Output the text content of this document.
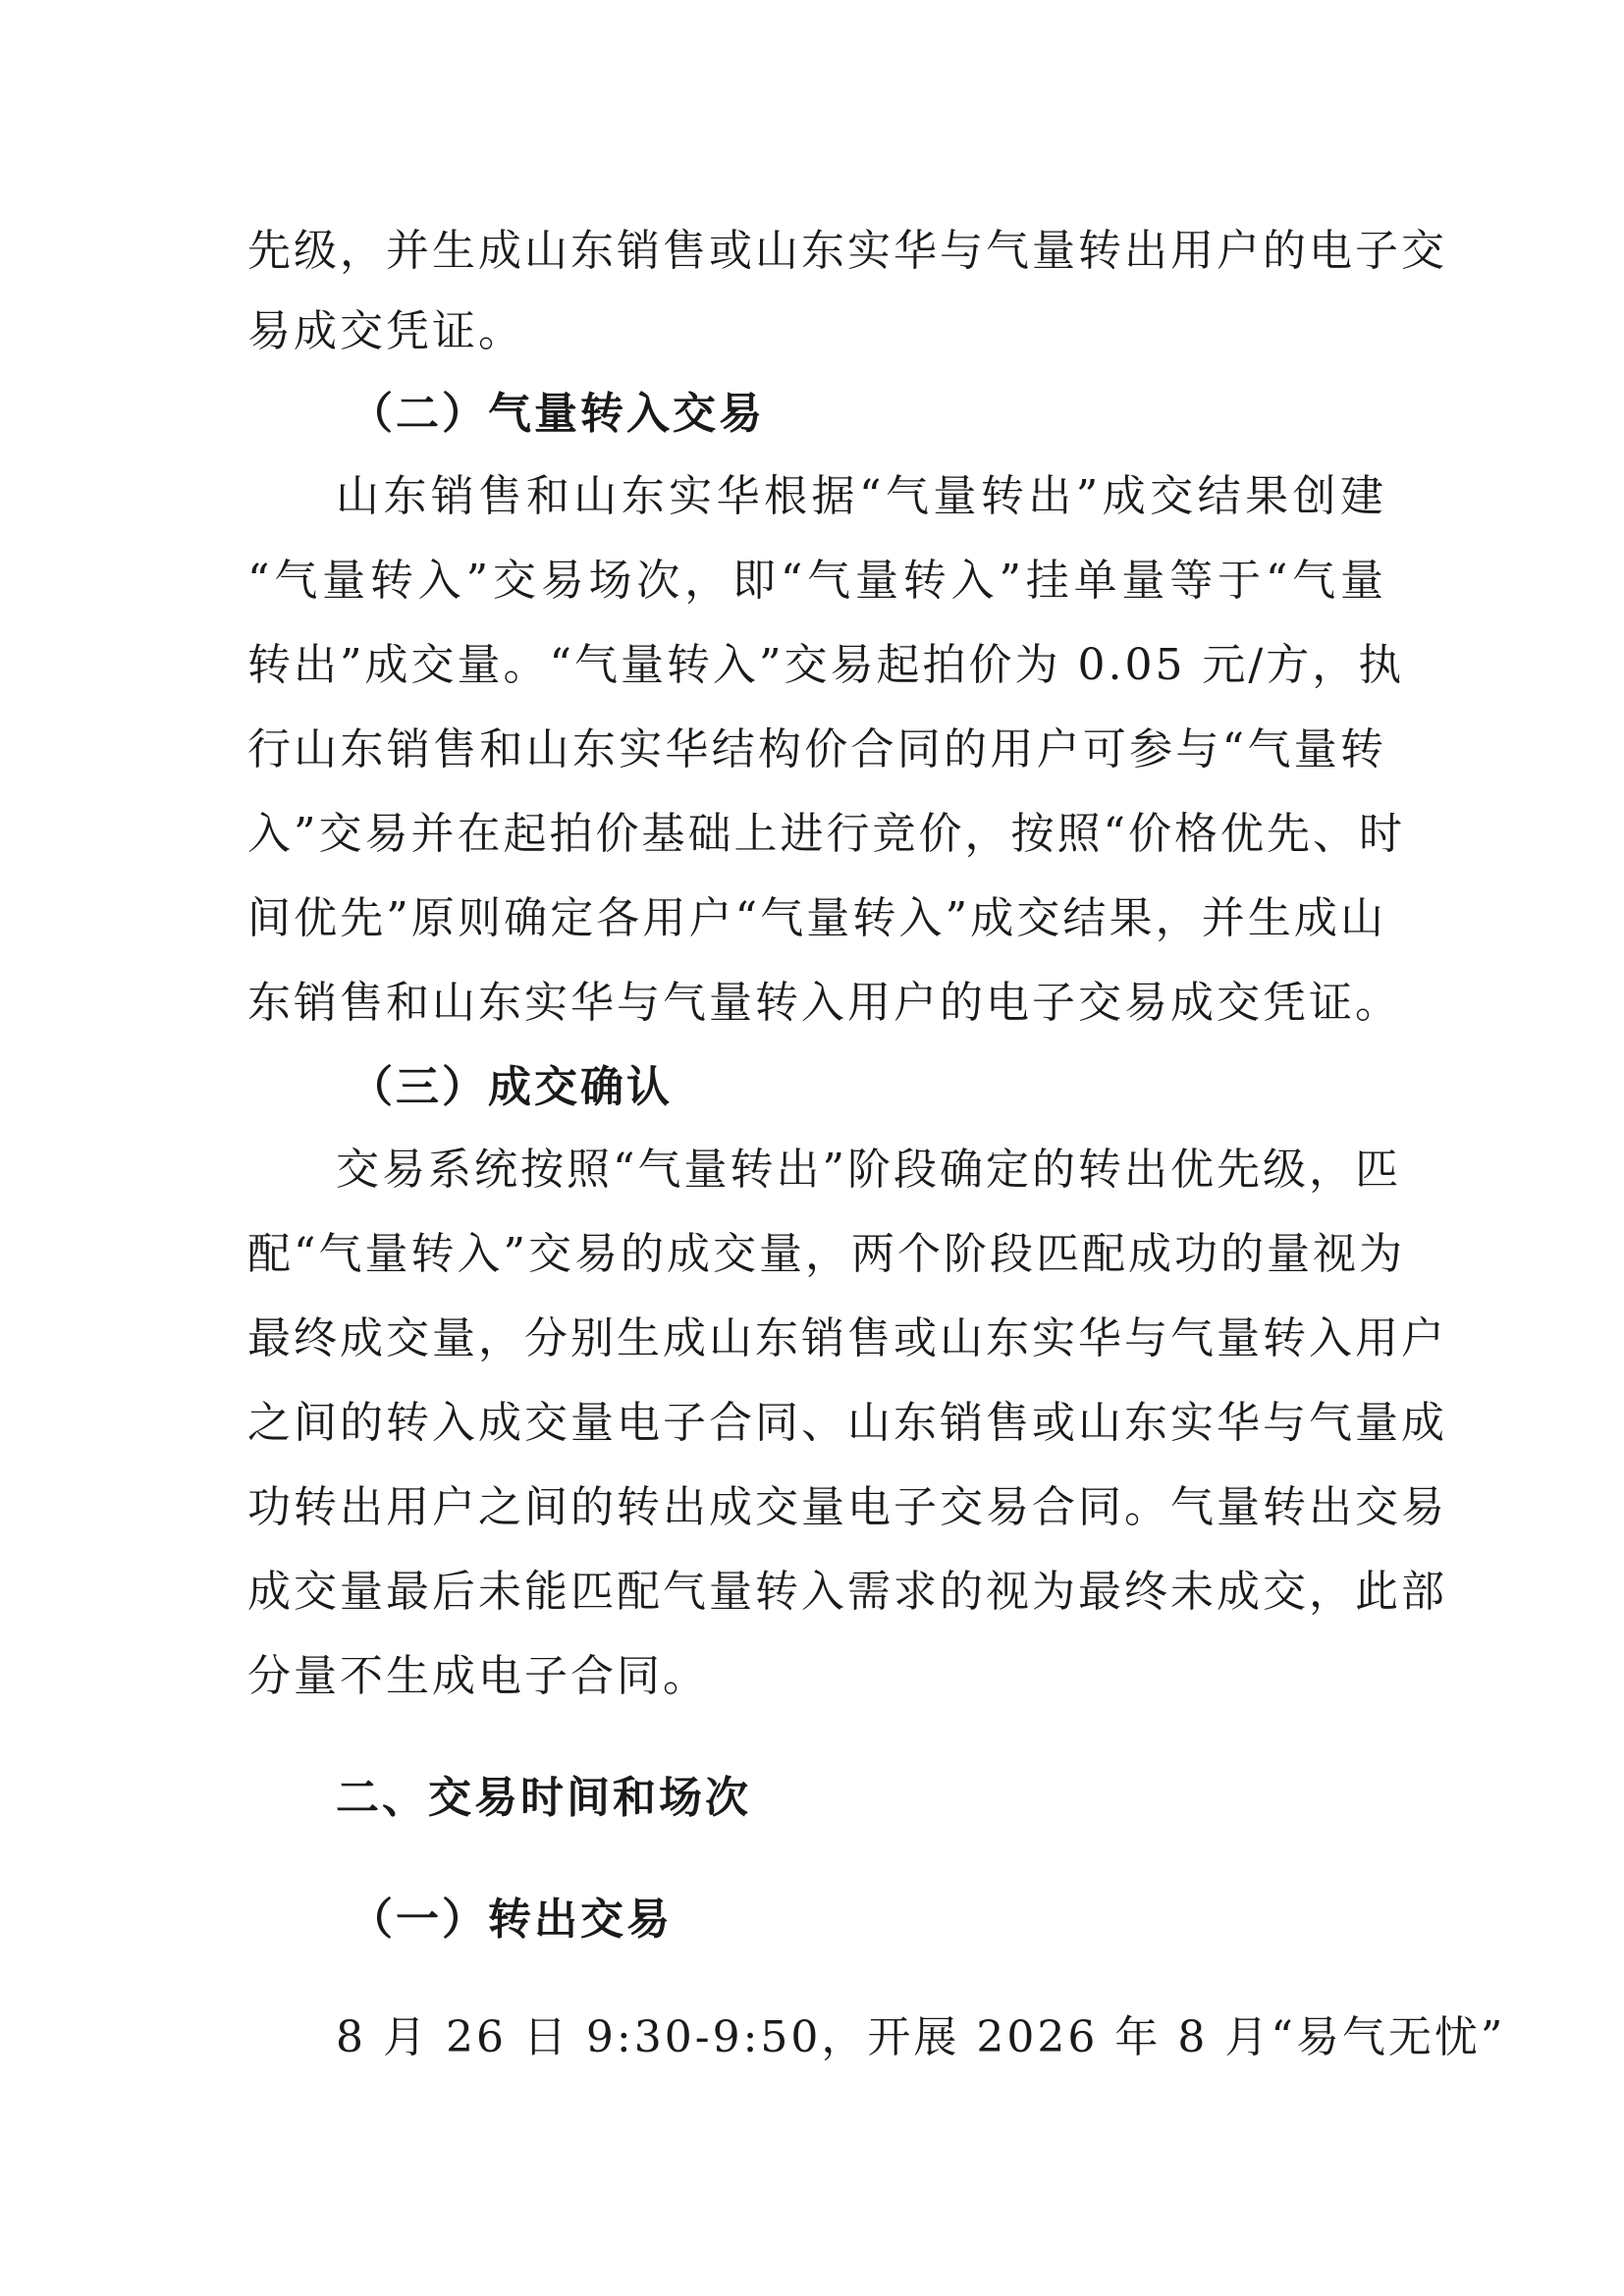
先级，并生成山东销售或山东实华与气量转出用户的电子交
易成交凭证。
（二）气量转入交易
山东销售和山东实华根据“气量转出”成交结果创建
“气量转入”交易场次，即“气量转入”挂单量等于“气量
转出”成交量。“气量转入”交易起拍价为 0.05 元/方，执
行山东销售和山东实华结构价合同的用户可参与“气量转
入”交易并在起拍价基础上进行竞价，按照“价格优先、时
间优先”原则确定各用户“气量转入”成交结果，并生成山
东销售和山东实华与气量转入用户的电子交易成交凭证。
（三）成交确认
交易系统按照“气量转出”阶段确定的转出优先级，匹
配“气量转入”交易的成交量，两个阶段匹配成功的量视为
最终成交量，分别生成山东销售或山东实华与气量转入用户
之间的转入成交量电子合同、山东销售或山东实华与气量成
功转出用户之间的转出成交量电子交易合同。气量转出交易
成交量最后未能匹配气量转入需求的视为最终未成交，此部
分量不生成电子合同。
二、交易时间和场次
（一）转出交易
8 月 26 日 9:30-9:50，开展 2026 年 8 月“易气无忧”
